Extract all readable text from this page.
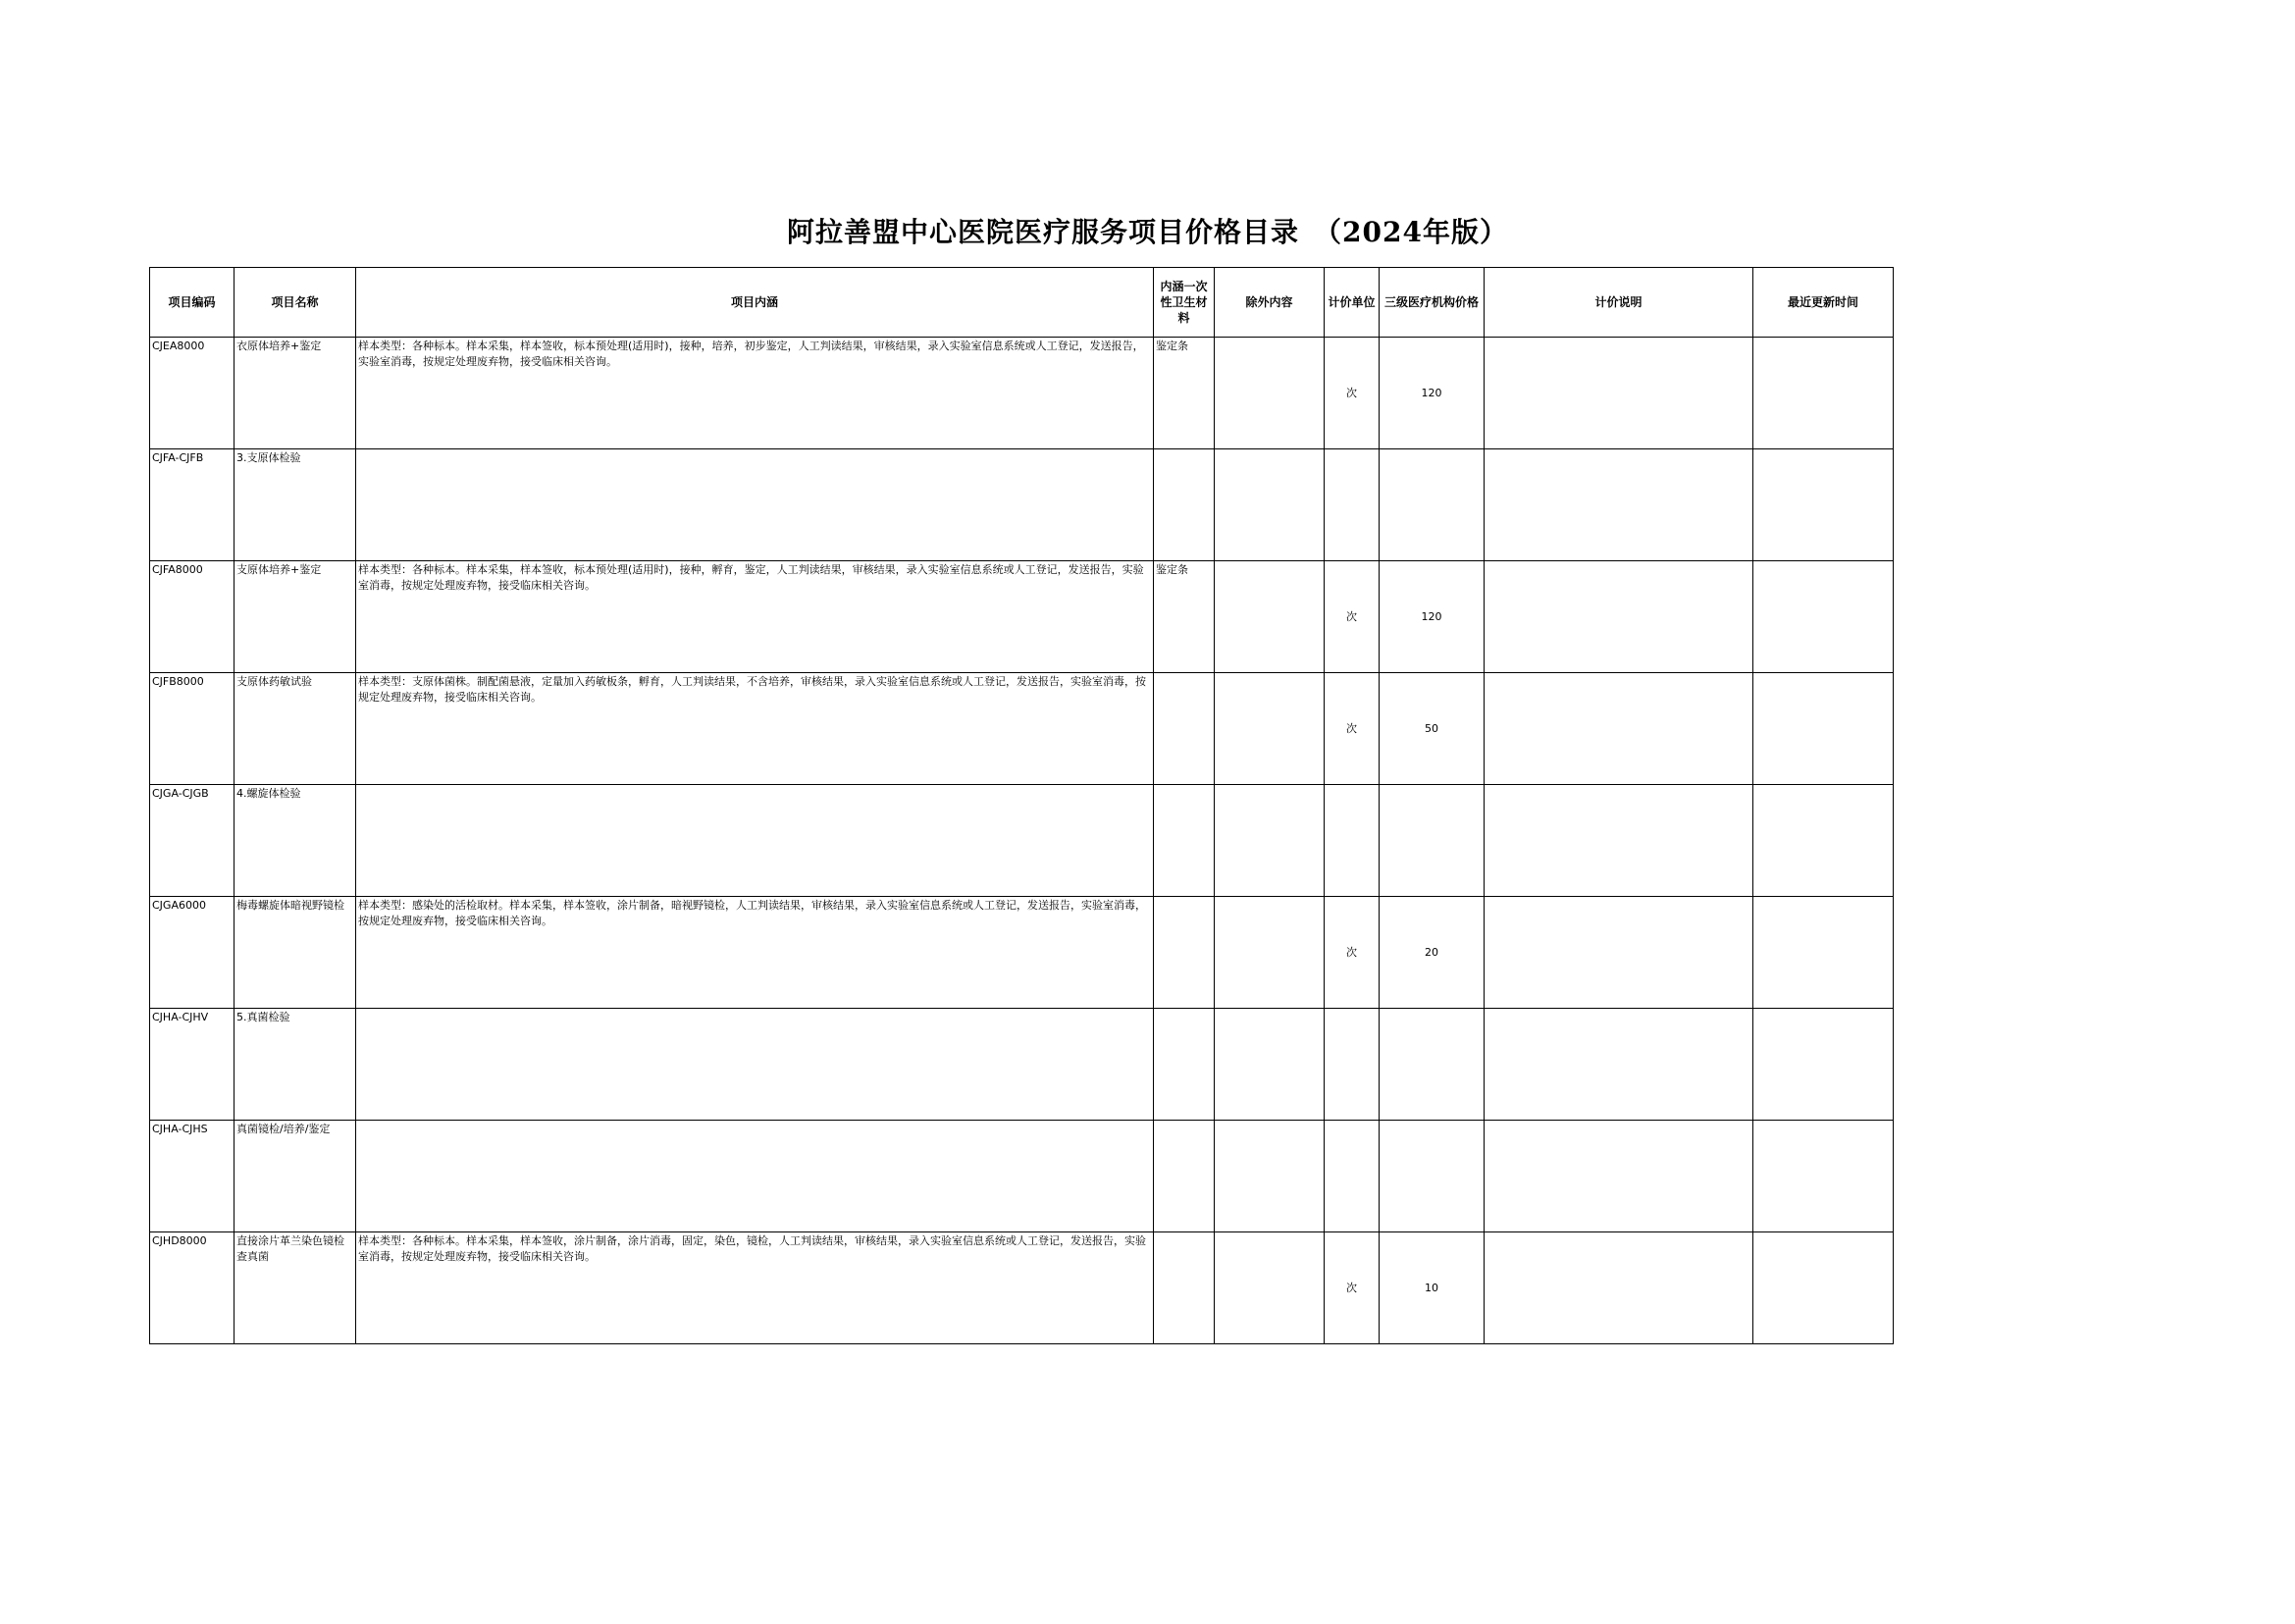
阿拉善盟中心医院医疗服务项目价格目录　（2024年版）
项目编码	项目名称	项目内涵	内涵一次性卫生材料	除外内容	计价单位	三级医疗机构价格	计价说明	最近更新时间
CJEA8000	衣原体培养+鉴定	样本类型：各种标本。样本采集，样本签收，标本预处理(适用时)，接种，培养，初步鉴定，人工判读结果，审核结果，录入实验室信息系统或人工登记，发送报告，实验室消毒，按规定处理废弃物，接受临床相关咨询。	鉴定条		次	120		
CJFA-CJFB	3.支原体检验							
CJFA8000	支原体培养+鉴定	样本类型：各种标本。样本采集，样本签收，标本预处理(适用时)，接种，孵育，鉴定，人工判读结果，审核结果，录入实验室信息系统或人工登记，发送报告，实验室消毒，按规定处理废弃物，接受临床相关咨询。	鉴定条		次	120		
CJFB8000	支原体药敏试验	样本类型：支原体菌株。制配菌悬液，定量加入药敏板条，孵育，人工判读结果，不含培养，审核结果，录入实验室信息系统或人工登记，发送报告，实验室消毒，按规定处理废弃物，接受临床相关咨询。			次	50		
CJGA-CJGB	4.螺旋体检验							
CJGA6000	梅毒螺旋体暗视野镜检	样本类型：感染处的活检取材。样本采集，样本签收，涂片制备，暗视野镜检，人工判读结果，审核结果，录入实验室信息系统或人工登记，发送报告，实验室消毒，按规定处理废弃物，接受临床相关咨询。			次	20		
CJHA-CJHV	5.真菌检验							
CJHA-CJHS	真菌镜检/培养/鉴定							
CJHD8000	直接涂片革兰染色镜检查真菌	样本类型：各种标本。样本采集，样本签收，涂片制备，涂片消毒，固定，染色，镜检，人工判读结果，审核结果，录入实验室信息系统或人工登记，发送报告，实验室消毒，按规定处理废弃物，接受临床相关咨询。			次	10		
